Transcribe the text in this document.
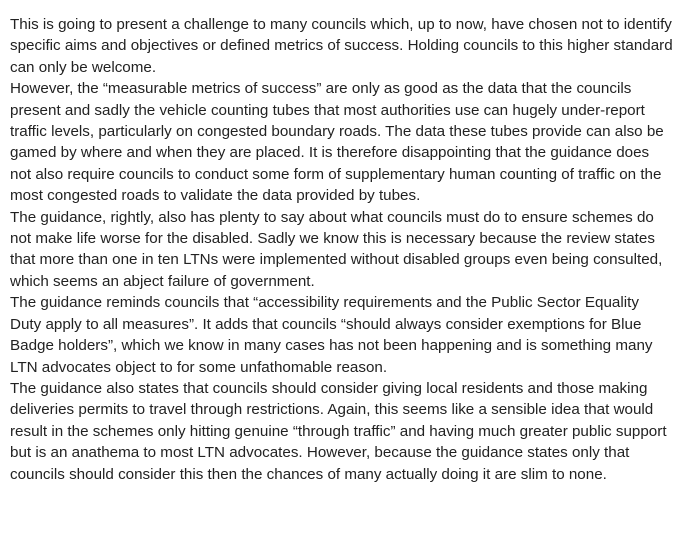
This is going to present a challenge to many councils which, up to now, have chosen not to identify specific aims and objectives or defined metrics of success. Holding councils to this higher standard can only be welcome.

However, the “measurable metrics of success” are only as good as the data that the councils present and sadly the vehicle counting tubes that most authorities use can hugely under-report traffic levels, particularly on congested boundary roads. The data these tubes provide can also be gamed by where and when they are placed. It is therefore disappointing that the guidance does not also require councils to conduct some form of supplementary human counting of traffic on the most congested roads to validate the data provided by tubes.

The guidance, rightly, also has plenty to say about what councils must do to ensure schemes do not make life worse for the disabled. Sadly we know this is necessary because the review states that more than one in ten LTNs were implemented without disabled groups even being consulted, which seems an abject failure of government.

The guidance reminds councils that “accessibility requirements and the Public Sector Equality Duty apply to all measures”. It adds that councils “should always consider exemptions for Blue Badge holders”, which we know in many cases has not been happening and is something many LTN advocates object to for some unfathomable reason.

The guidance also states that councils should consider giving local residents and those making deliveries permits to travel through restrictions. Again, this seems like a sensible idea that would result in the schemes only hitting genuine “through traffic” and having much greater public support but is an anathema to most LTN advocates. However, because the guidance states only that councils should consider this then the chances of many actually doing it are slim to none.
